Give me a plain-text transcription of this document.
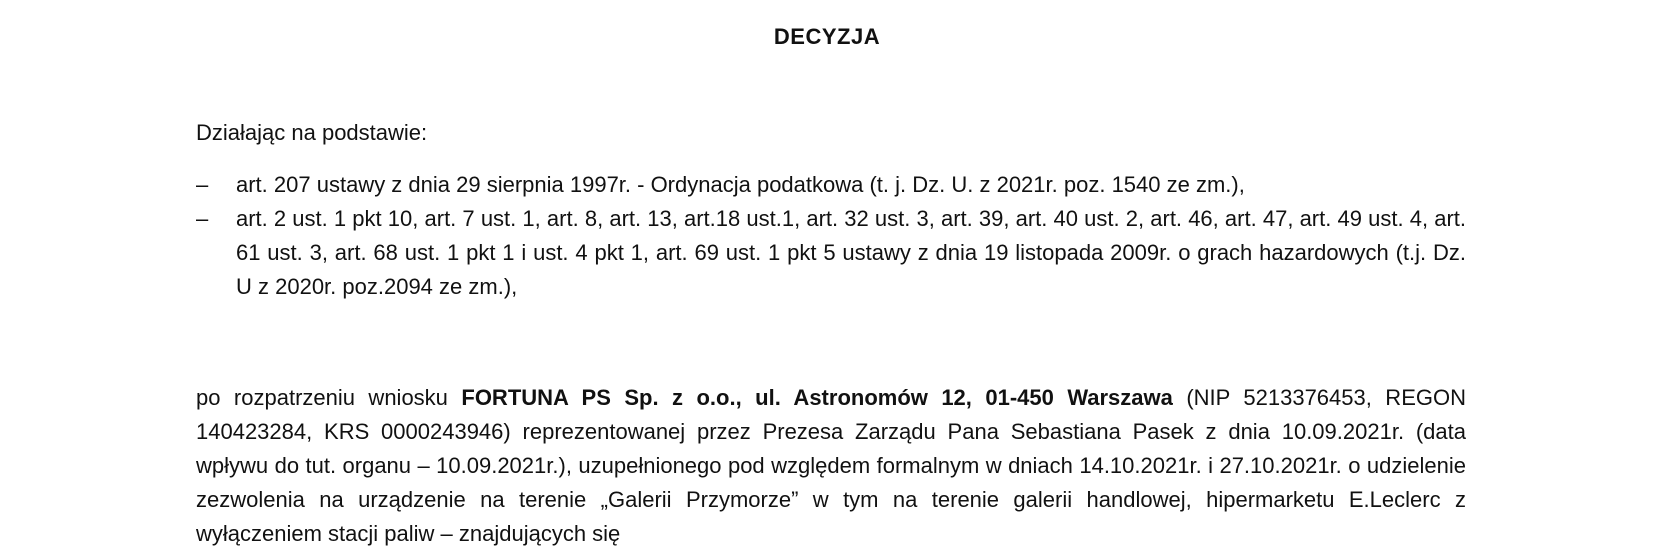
DECYZJA
Działając na podstawie:
– art. 207 ustawy z dnia 29 sierpnia 1997r. - Ordynacja podatkowa (t. j. Dz. U. z 2021r. poz. 1540 ze zm.),
– art. 2 ust. 1 pkt 10, art. 7 ust. 1, art. 8, art. 13, art.18 ust.1, art. 32 ust. 3, art. 39, art. 40 ust. 2, art. 46, art. 47, art. 49 ust. 4, art. 61 ust. 3, art. 68 ust. 1 pkt 1 i ust. 4 pkt 1, art. 69 ust. 1 pkt 5 ustawy z dnia 19 listopada 2009r. o grach hazardowych (t.j. Dz. U z 2020r. poz.2094 ze zm.),
po rozpatrzeniu wniosku FORTUNA PS Sp. z o.o., ul. Astronomów 12, 01-450 Warszawa (NIP 5213376453, REGON 140423284, KRS 0000243946) reprezentowanej przez Prezesa Zarządu Pana Sebastiana Pasek z dnia 10.09.2021r. (data wpływu do tut. organu – 10.09.2021r.), uzupełnionego pod względem formalnym w dniach 14.10.2021r. i 27.10.2021r. o udzielenie zezwolenia na urządzenie na terenie „Galerii Przymorze” w tym na terenie galerii handlowej, hipermarketu E.Leclerc z wyłączeniem stacji paliw – znajdujących się
